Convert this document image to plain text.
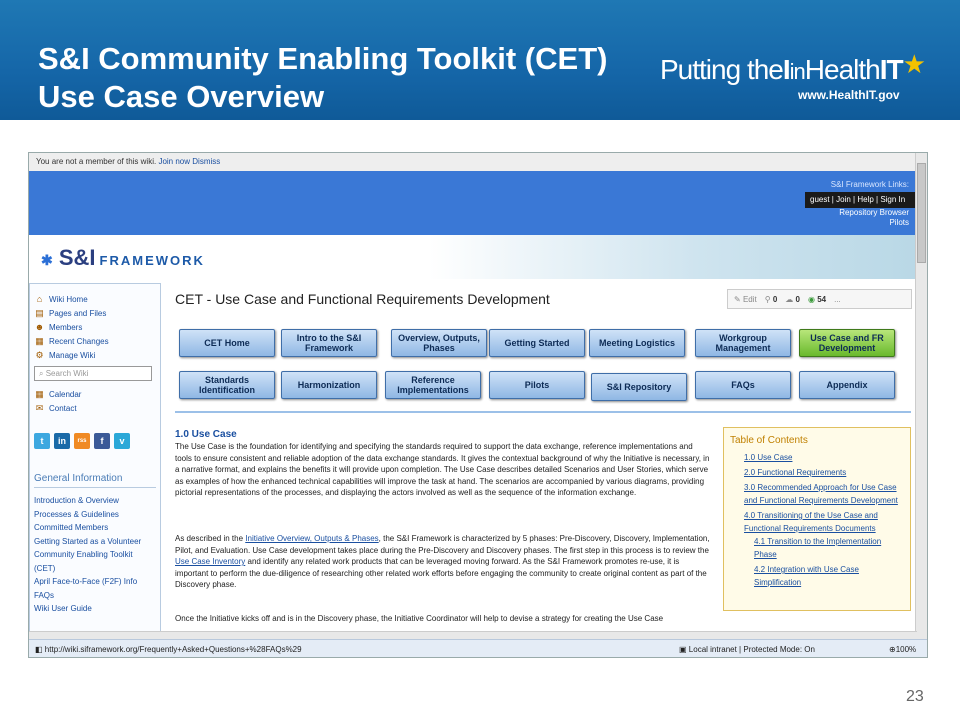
S&I Community Enabling Toolkit (CET)
Use Case Overview
Putting theIinHealthIT★
www.HealthIT.gov
You are not a member of this wiki. Join now Dismiss
S&I Framework Links:
guest | Join | Help | Sign In
Repository Browser
Pilots
✱ S&I FRAMEWORK
⌂ Wiki Home
▤ Pages and Files
☻ Members
▦ Recent Changes
⚙ Manage Wiki
⌕ Search Wiki
▦ Calendar
✉ Contact
t	in	rss	f	v
General Information
Introduction & Overview
Processes & Guidelines
Committed Members
Getting Started as a Volunteer
Community Enabling Toolkit (CET)
April Face-to-Face (F2F) Info
FAQs
Wiki User Guide
CET - Use Case and Functional Requirements Development	✎ Edit ⚲ 0 ☁ 0 ◉ 54 ...
CET Home	Intro to the S&I Framework
Overview, Outputs, Phases	Getting Started	Meeting Logistics	Workgroup Management
Use Case and FR Development
Standards Identification	Harmonization	Reference Implementations	Pilots	S&I Repository	FAQs	Appendix
1.0 Use Case
The Use Case is the foundation for identifying and specifying the standards required to support the data exchange, reference implementations and tools to ensure consistent and reliable adoption of the data exchange standards. It gives the contextual background of why the Initiative is necessary, in a narrative format, and explains the benefits it will provide upon completion. The Use Case describes detailed Scenarios and User Stories, which serve as examples of how the enhanced technical capabilities will improve the task at hand. The scenarios are accompanied by various diagrams, providing pictorial representations of the processes, and displaying the actors involved as well as the sequence of the information exchange.
As described in the Initiative Overview, Outputs & Phases, the S&I Framework is characterized by 5 phases: Pre-Discovery, Discovery, Implementation, Pilot, and Evaluation. Use Case development takes place during the Pre-Discovery and Discovery phases. The first step in this process is to review the Use Case Inventory and identify any related work products that can be leveraged moving forward. As the S&I Framework promotes re-use, it is important to perform the due-diligence of researching other related work efforts before engaging the community to create original content as part of the Discovery phase.
Once the Initiative kicks off and is in the Discovery phase, the Initiative Coordinator will help to devise a strategy for creating the Use Case
Table of Contents
1.0 Use Case
2.0 Functional Requirements
3.0 Recommended Approach for Use Case and Functional Requirements Development
4.0 Transitioning of the Use Case and Functional Requirements Documents
4.1 Transition to the Implementation Phase
4.2 Integration with Use Case Simplification
◧ http://wiki.siframework.org/Frequently+Asked+Questions+%28FAQs%29	▣ Local intranet | Protected Mode: On	⊕100%
23
